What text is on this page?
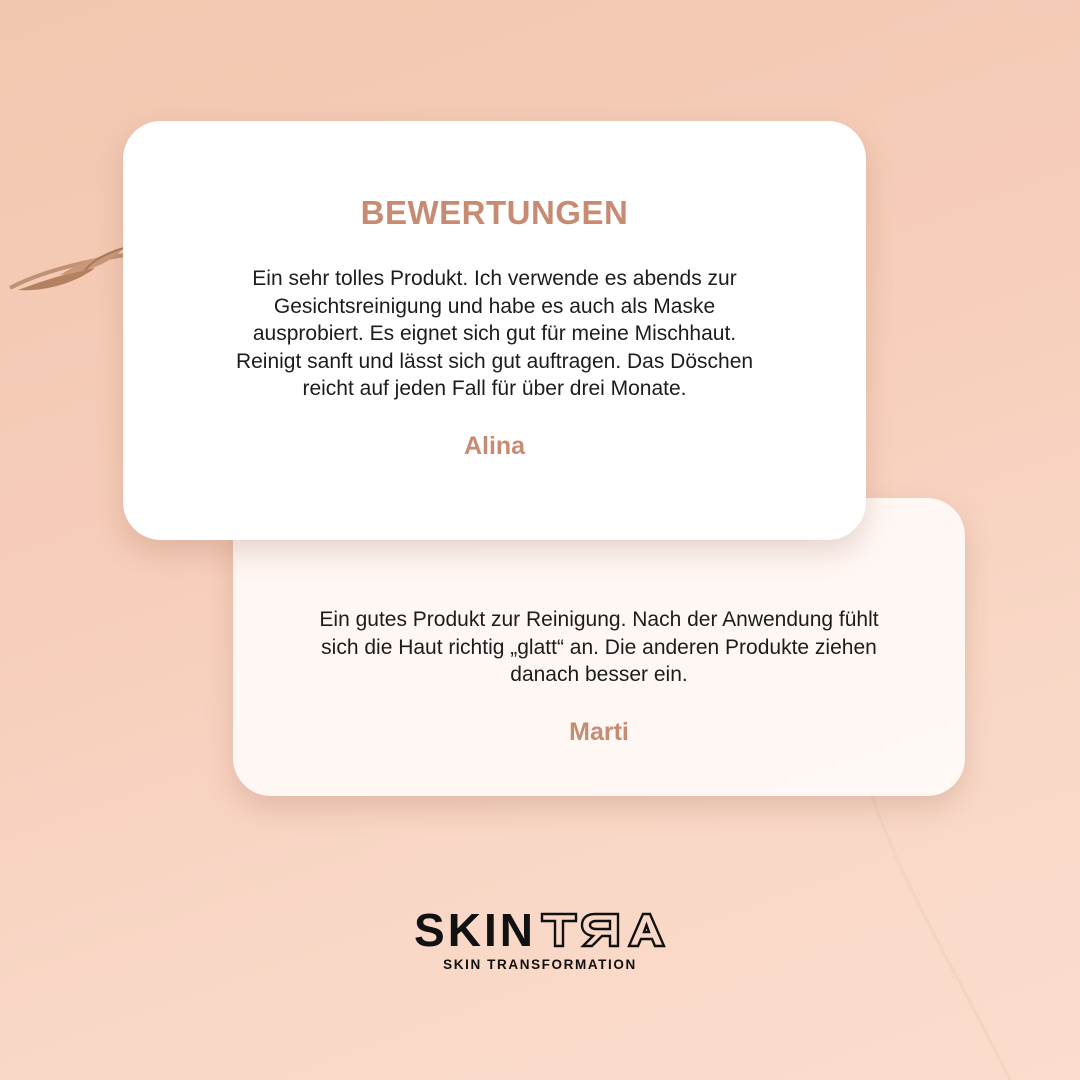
Ein gutes Produkt zur Reinigung. Nach der Anwendung fühlt
sich die Haut richtig „glatt“ an. Die anderen Produkte ziehen
danach besser ein.

Marti
BEWERTUNGEN

Ein sehr tolles Produkt. Ich verwende es abends zur
Gesichtsreinigung und habe es auch als Maske
ausprobiert. Es eignet sich gut für meine Mischhaut.
Reinigt sanft und lässt sich gut auftragen. Das Döschen
reicht auf jeden Fall für über drei Monate.

Alina
SKIN
SKIN TRANSFORMATION
